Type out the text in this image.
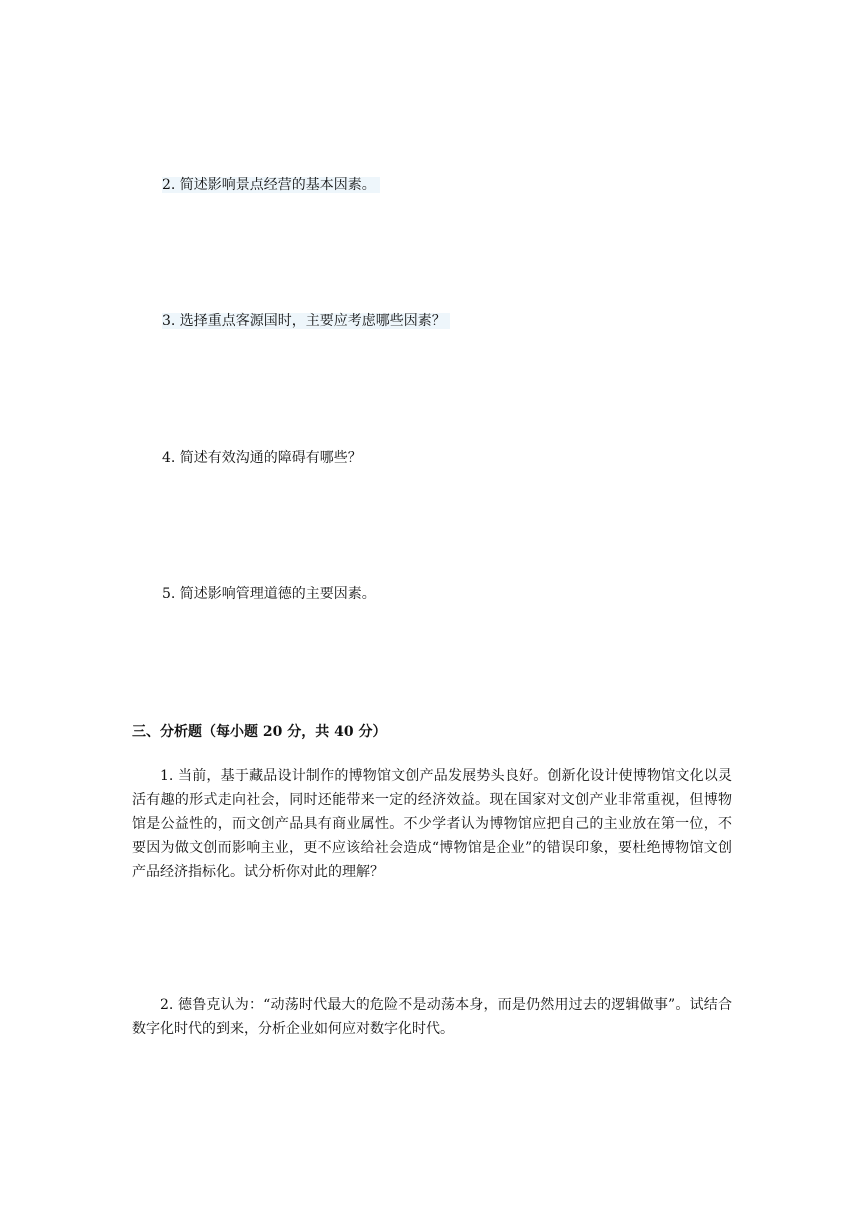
2. 简述影响景点经营的基本因素。
3. 选择重点客源国时，主要应考虑哪些因素？
4. 简述有效沟通的障碍有哪些？
5. 简述影响管理道德的主要因素。
三、分析题（每小题 20 分，共 40 分）

1. 当前，基于藏品设计制作的博物馆文创产品发展势头良好。创新化设计使博物馆文化以灵活有趣的形式走向社会，同时还能带来一定的经济效益。现在国家对文创产业非常重视，但博物馆是公益性的，而文创产品具有商业属性。不少学者认为博物馆应把自己的主业放在第一位，不要因为做文创而影响主业，更不应该给社会造成“博物馆是企业”的错误印象，要杜绝博物馆文创产品经济指标化。试分析你对此的理解？

2. 德鲁克认为：“动荡时代最大的危险不是动荡本身，而是仍然用过去的逻辑做事”。试结合数字化时代的到来，分析企业如何应对数字化时代。
